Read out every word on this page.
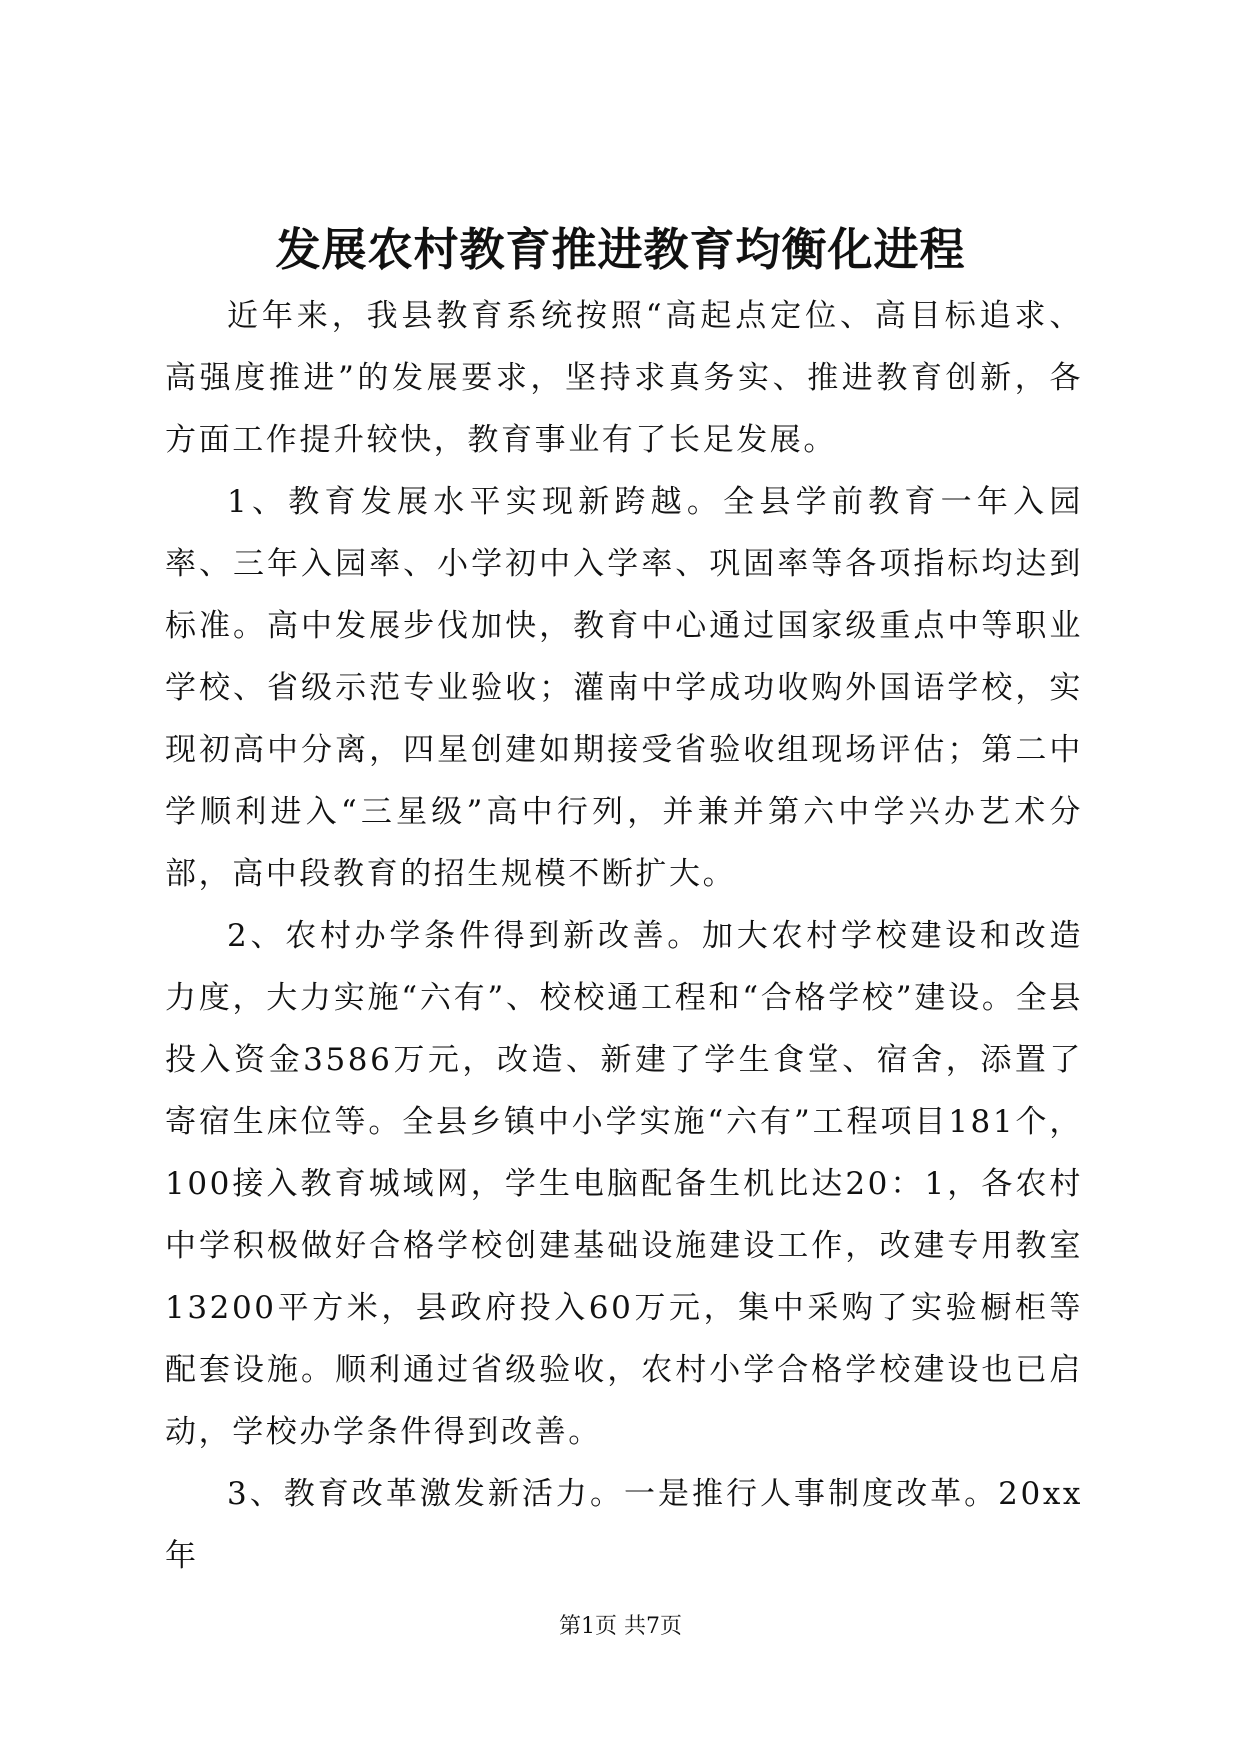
发展农村教育推进教育均衡化进程

近年来，我县教育系统按照“高起点定位、高目标追求、高强度推进”的发展要求，坚持求真务实、推进教育创新，各方面工作提升较快，教育事业有了长足发展。

1、教育发展水平实现新跨越。全县学前教育一年入园率、三年入园率、小学初中入学率、巩固率等各项指标均达到标准。高中发展步伐加快，教育中心通过国家级重点中等职业学校、省级示范专业验收；灌南中学成功收购外国语学校，实现初高中分离，四星创建如期接受省验收组现场评估；第二中学顺利进入“三星级”高中行列，并兼并第六中学兴办艺术分部，高中段教育的招生规模不断扩大。

2、农村办学条件得到新改善。加大农村学校建设和改造力度，大力实施“六有”、校校通工程和“合格学校”建设。全县投入资金3586万元，改造、新建了学生食堂、宿舍，添置了寄宿生床位等。全县乡镇中小学实施“六有”工程项目181个，100接入教育城域网，学生电脑配备生机比达20：1，各农村中学积极做好合格学校创建基础设施建设工作，改建专用教室13200平方米，县政府投入60万元，集中采购了实验橱柜等配套设施。顺利通过省级验收，农村小学合格学校建设也已启动，学校办学条件得到改善。

3、教育改革激发新活力。一是推行人事制度改革。20xx年

第1页 共7页
